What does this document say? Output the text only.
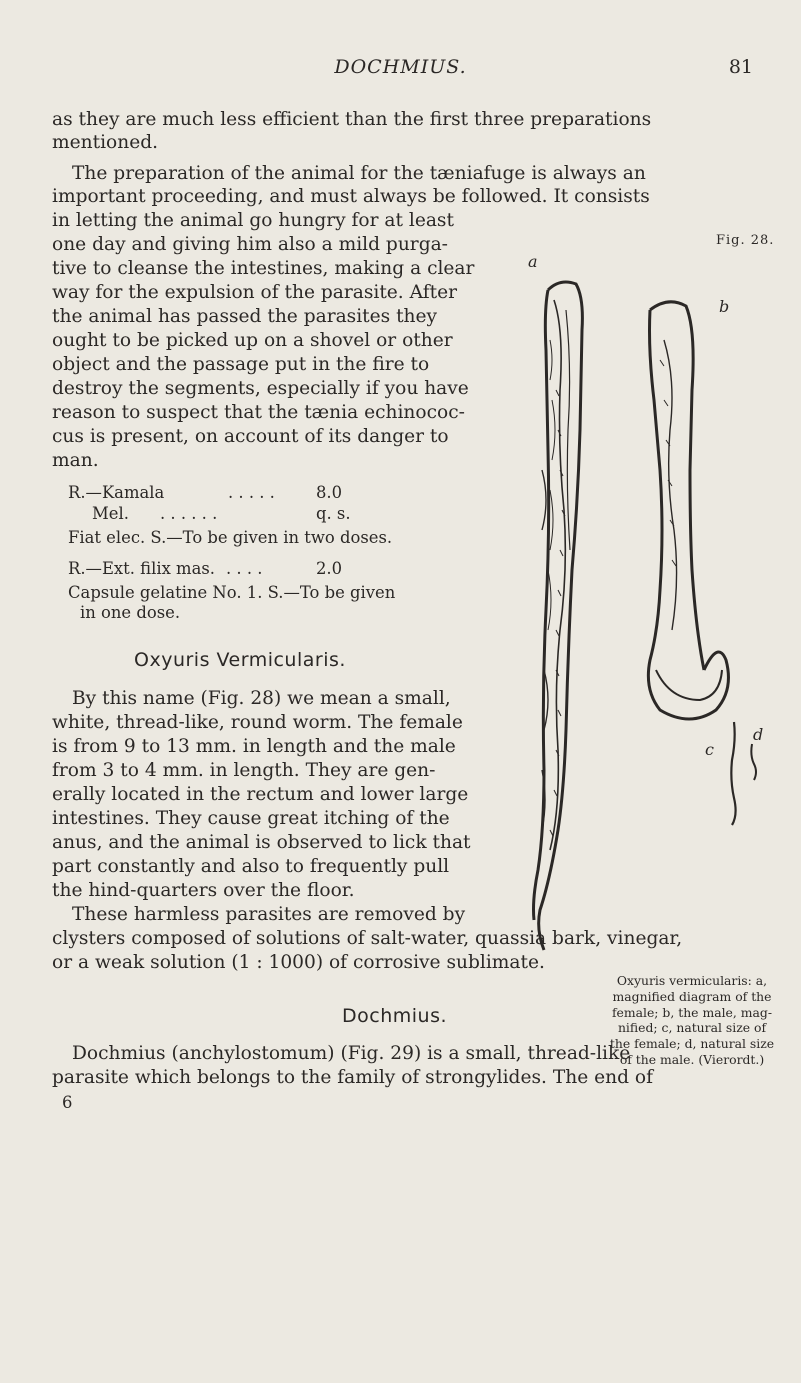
DOCHMIUS.	81
as they are much less efficient than the first three preparations
mentioned.
The preparation of the animal for the tæniafuge is always an
important proceeding, and must always be followed. It consists
in letting the animal go hungry for at least
one day and giving him also a mild purga-
tive to cleanse the intestines, making a clear
way for the expulsion of the parasite. After
the animal has passed the parasites they
ought to be picked up on a shovel or other
object and the passage put in the fire to
destroy the segments, especially if you have
reason to suspect that the tænia echinococ-
cus is present, on account of its danger to
man.
R.—Kamala	. . . . .	8.0
Mel. . . . . . .	q. s.
Fiat elec. S.—To be given in two doses.
R.—Ext. filix mas. . . . .	2.0
Capsule gelatine No. 1. S.—To be given
in one dose.
Oxyuris Vermicularis.
By this name (Fig. 28) we mean a small,
white, thread-like, round worm. The female
is from 9 to 13 mm. in length and the male
from 3 to 4 mm. in length. They are gen-
erally located in the rectum and lower large
intestines. They cause great itching of the
anus, and the animal is observed to lick that
part constantly and also to frequently pull
the hind-quarters over the floor.
These harmless parasites are removed by
clysters composed of solutions of salt-water, quassia bark, vinegar,
or a weak solution (1 : 1000) of corrosive sublimate.
Dochmius.
Dochmius (anchylostomum) (Fig. 29) is a small, thread-like
parasite which belongs to the family of strongylides. The end of
6
Fig. 28.
a
b
c
d
Oxyuris vermicularis: a,
magnified diagram of the
female; b, the male, mag-
nified; c, natural size of
the female; d, natural size
of the male. (Vierordt.)
